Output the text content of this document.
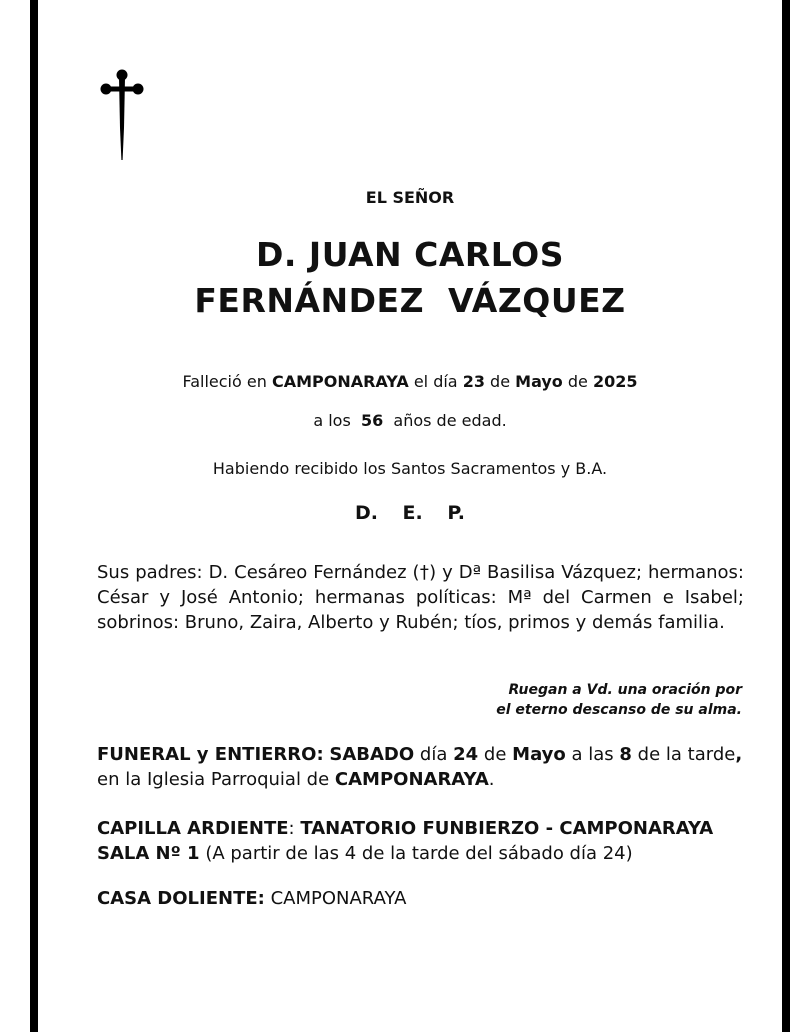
EL SEÑOR
D. JUAN CARLOS
FERNÁNDEZ  VÁZQUEZ
Falleció en CAMPONARAYA el día 23 de Mayo de 2025
a los 56 años de edad.
Habiendo recibido los Santos Sacramentos y B.A.
D. E. P.
Sus padres: D. Cesáreo Fernández (†) y Dª Basilisa Vázquez; hermanos: César y José Antonio; hermanas políticas: Mª del Carmen e Isabel; sobrinos: Bruno, Zaira, Alberto y Rubén; tíos, primos y demás familia.
Ruegan a Vd. una oración por
el eterno descanso de su alma.
FUNERAL y ENTIERRO: SABADO día 24 de Mayo a las 8 de la tarde, en la Iglesia Parroquial de CAMPONARAYA.
CAPILLA ARDIENTE: TANATORIO FUNBIERZO - CAMPONARAYA
SALA Nº 1 (A partir de las 4 de la tarde del sábado día 24)
CASA DOLIENTE: CAMPONARAYA
